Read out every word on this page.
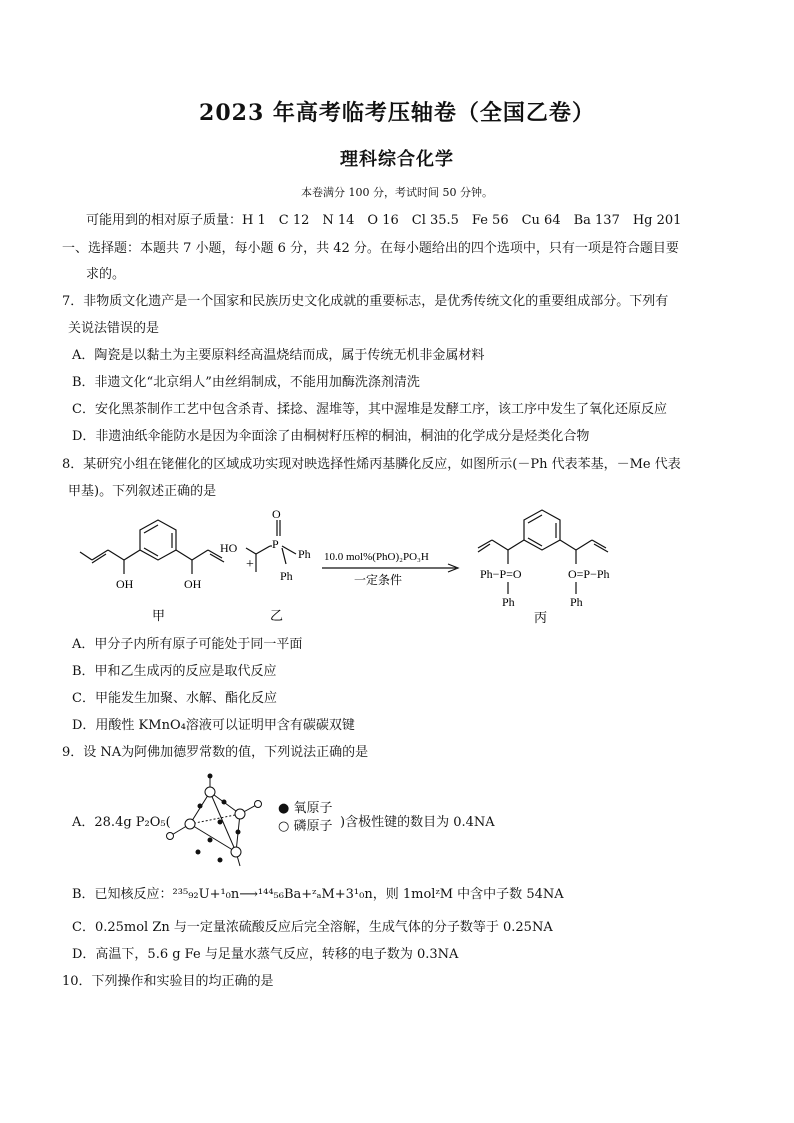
2023 年高考临考压轴卷（全国乙卷）
理科综合化学
本卷满分 100 分，考试时间 50 分钟。
可能用到的相对原子质量：H 1　C 12　N 14　O 16　Cl 35.5　Fe 56　Cu 64　Ba 137　Hg 201
一、选择题：本题共 7 小题，每小题 6 分，共 42 分。在每小题给出的四个选项中，只有一项是符合题目要
求的。
7．非物质文化遗产是一个国家和民族历史文化成就的重要标志，是优秀传统文化的重要组成部分。下列有
关说法错误的是
A．陶瓷是以黏土为主要原料经高温烧结而成，属于传统无机非金属材料
B．非遗文化“北京绢人”由丝绢制成，不能用加酶洗涤剂清洗
C．安化黑茶制作工艺中包含杀青、揉捻、渥堆等，其中渥堆是发酵工序，该工序中发生了氧化还原反应
D．非遗油纸伞能防水是因为伞面涂了由桐树籽压榨的桐油，桐油的化学成分是烃类化合物
8．某研究小组在铑催化的区域成功实现对映选择性烯丙基膦化反应，如图所示(－Ph 代表苯基，－Me 代表
甲基)。下列叙述正确的是
OH	OH
甲
+
HO
O
P
Ph
Ph
乙
10.0 mol%(PhO)₂PO₃H
一定条件	Ph−P=O	O=P−Ph
Ph	Ph
丙
A．甲分子内所有原子可能处于同一平面
B．甲和乙生成丙的反应是取代反应
C．甲能发生加聚、水解、酯化反应
D．用酸性 KMnO₄溶液可以证明甲含有碳碳双键
9．设 NA为阿佛加德罗常数的值，下列说法正确的是
A．28.4g P₂O₅(
● 氧原子
○ 磷原子 )含极性键的数目为 0.4NA
B．已知核反应：²³⁵₉₂U+¹₀n⟶¹⁴⁴₅₆Ba+ᶻₐM+3¹₀n，则 1molᶻM 中含中子数 54NA
C．0.25mol Zn 与一定量浓硫酸反应后完全溶解，生成气体的分子数等于 0.25NA
D．高温下，5.6 g Fe 与足量水蒸气反应，转移的电子数为 0.3NA
10．下列操作和实验目的均正确的是
